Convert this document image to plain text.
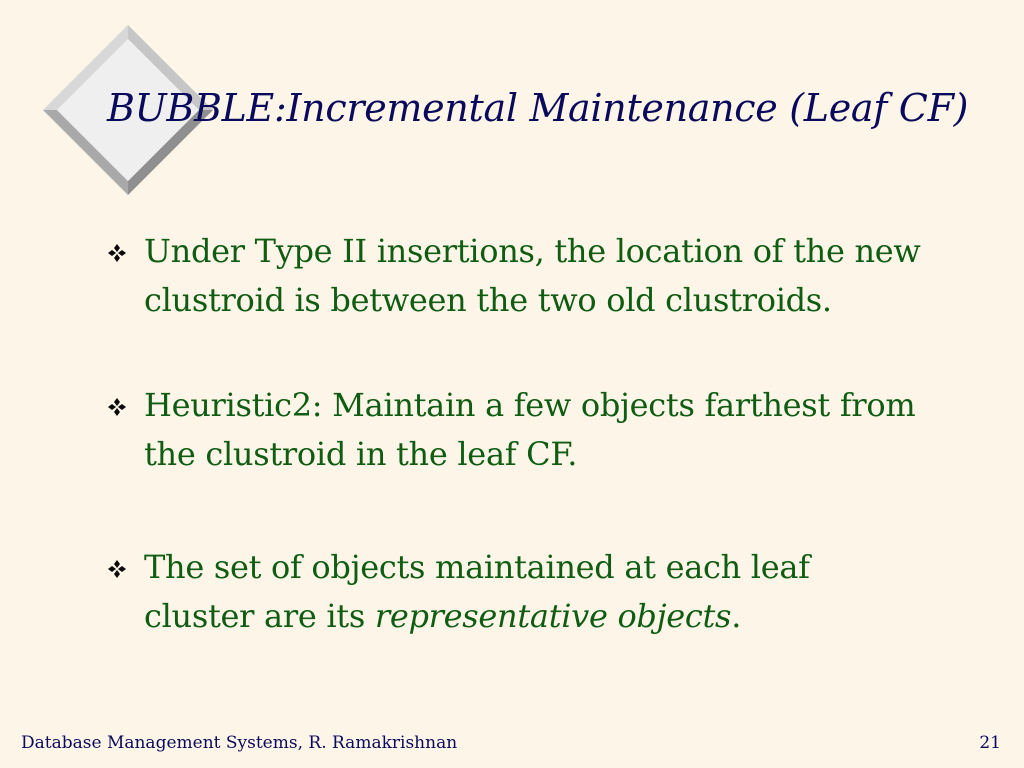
BUBBLE:Incremental Maintenance (Leaf CF)
Under Type II insertions, the location of the new clustroid is between the two old clustroids.
Heuristic2: Maintain a few objects farthest from the clustroid in the leaf CF.
The set of objects maintained at each leaf cluster are its representative objects.
Database Management Systems, R. Ramakrishnan	21
